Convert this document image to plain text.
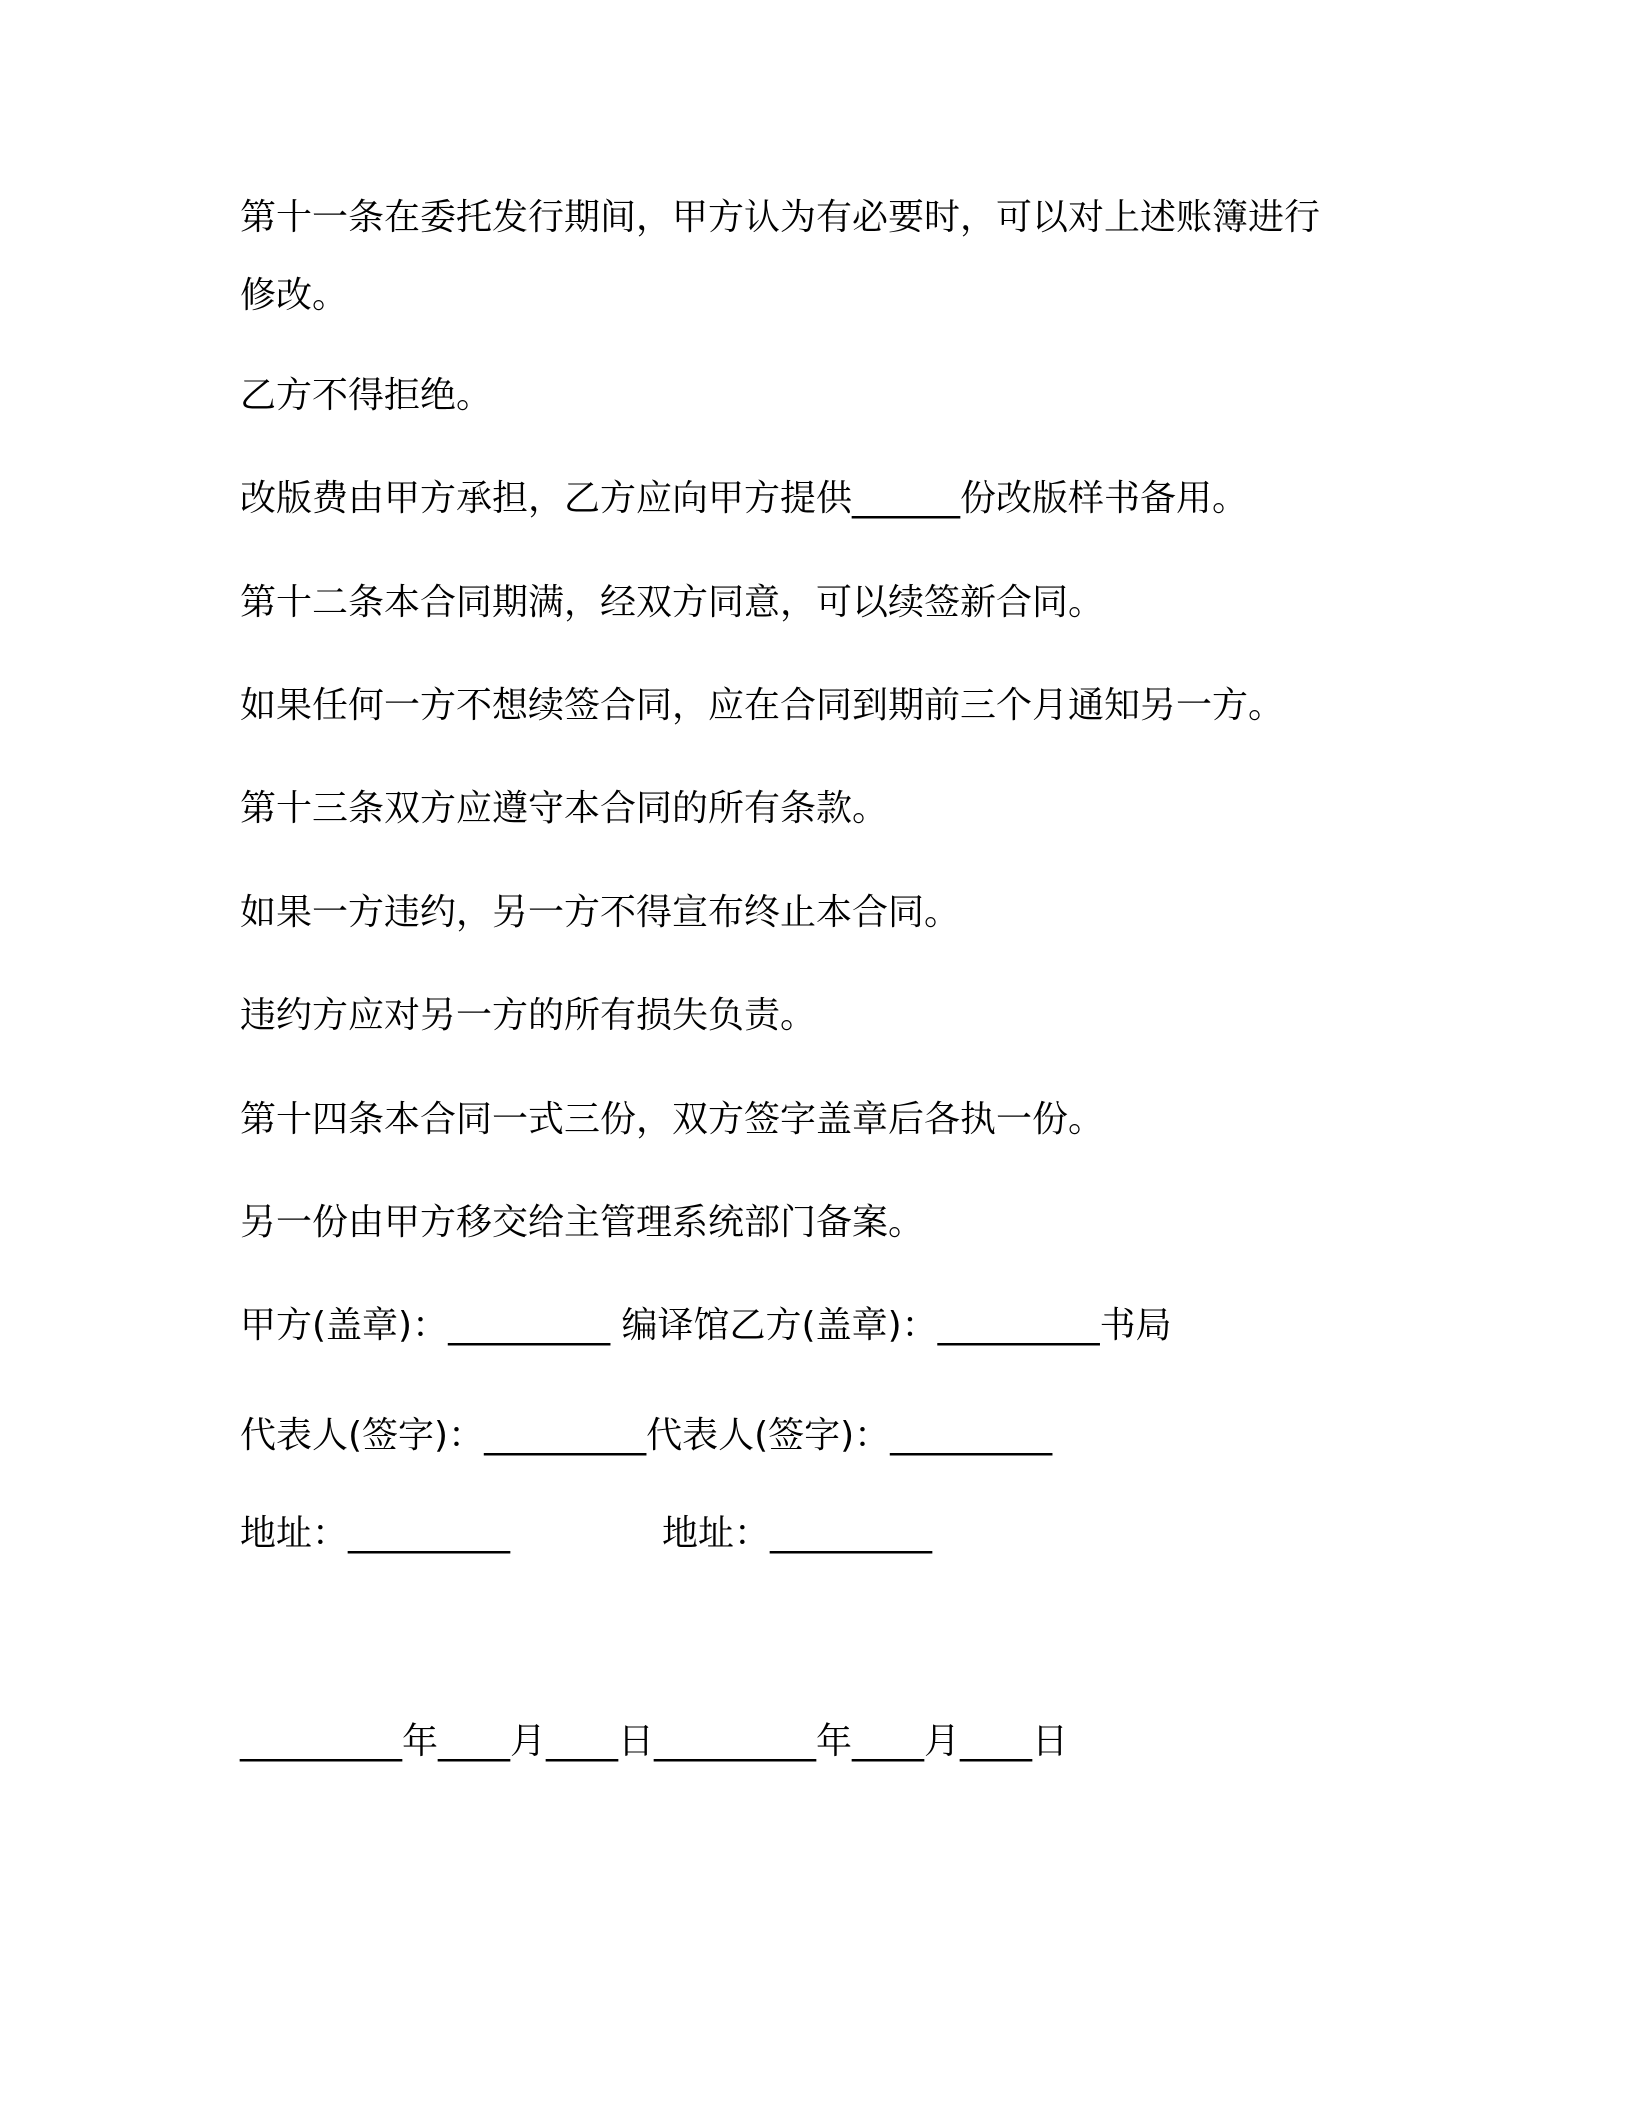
第十一条在委托发行期间，甲方认为有必要时，可以对上述账簿进行
修改。
乙方不得拒绝。
改版费由甲方承担，乙方应向甲方提供______份改版样书备用。
第十二条本合同期满，经双方同意，可以续签新合同。
如果任何一方不想续签合同，应在合同到期前三个月通知另一方。
第十三条双方应遵守本合同的所有条款。
如果一方违约，另一方不得宣布终止本合同。
违约方应对另一方的所有损失负责。
第十四条本合同一式三份，双方签字盖章后各执一份。
另一份由甲方移交给主管理系统部门备案。
甲方(盖章)：_________ 编译馆乙方(盖章)：_________书局
代表人(签字)：_________代表人(签字)：_________
地址：_________	地址：_________
_________年____月____日_________年____月____日
